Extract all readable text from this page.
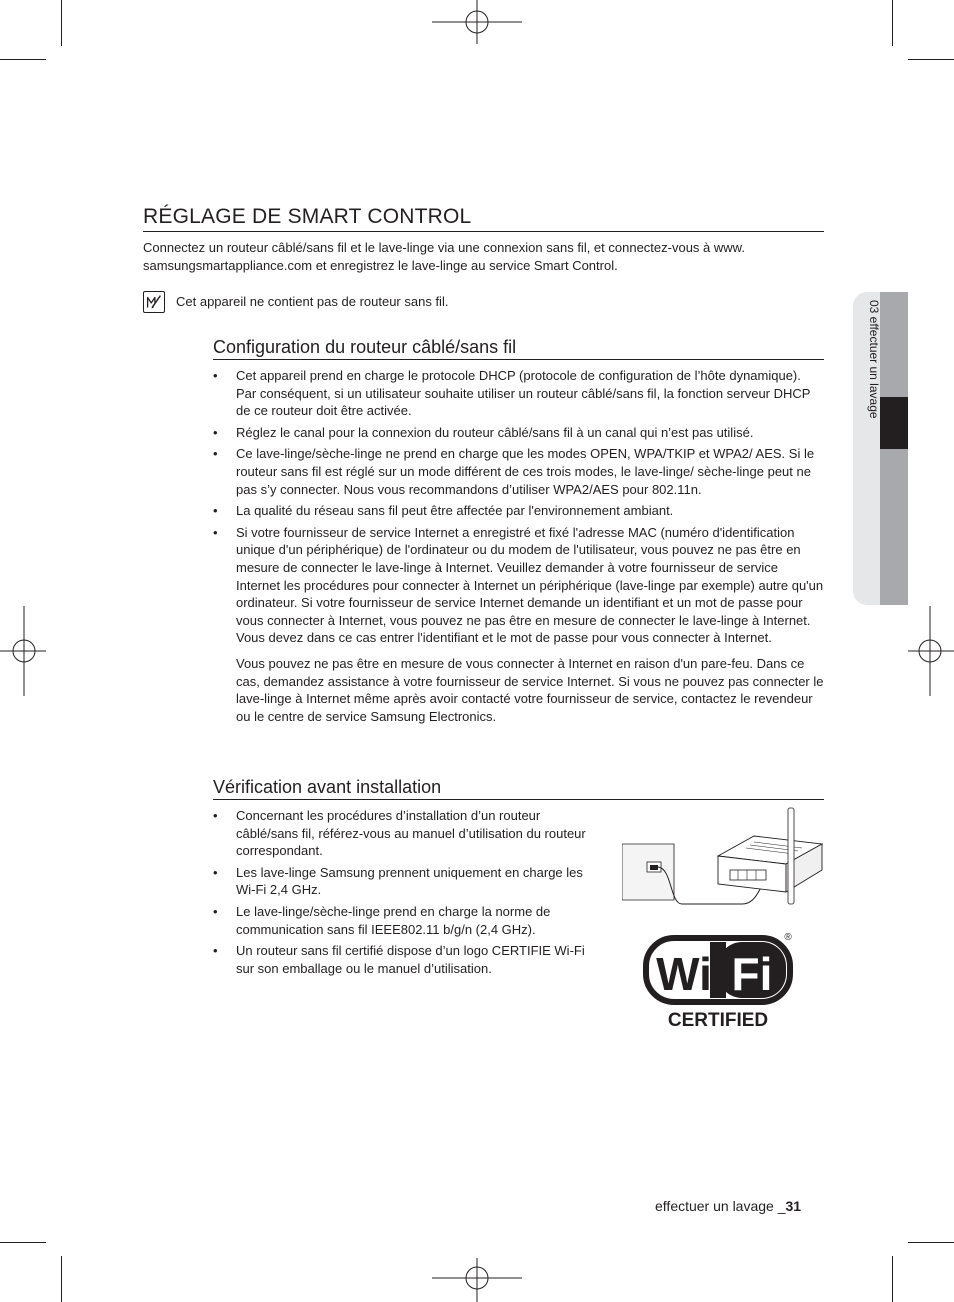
03 effectuer un lavage
RÉGLAGE DE SMART CONTROL

Connectez un routeur câblé/sans fil et le lave-linge via une connexion sans fil, et connectez-vous à www. samsungsmartappliance.com et enregistrez le lave-linge au service Smart Control.

Cet appareil ne contient pas de routeur sans fil.

Configuration du routeur câblé/sans fil
• Cet appareil prend en charge le protocole DHCP (protocole de configuration de l’hôte dynamique). Par conséquent, si un utilisateur souhaite utiliser un routeur câblé/sans fil, la fonction serveur DHCP de ce routeur doit être activée.
• Réglez le canal pour la connexion du routeur câblé/sans fil à un canal qui n’est pas utilisé.
• Ce lave-linge/sèche-linge ne prend en charge que les modes OPEN, WPA/TKIP et WPA2/ AES. Si le routeur sans fil est réglé sur un mode différent de ces trois modes, le lave-linge/ sèche-linge peut ne pas s’y connecter. Nous vous recommandons d’utiliser WPA2/AES pour 802.11n.
• La qualité du réseau sans fil peut être affectée par l'environnement ambiant.
• Si votre fournisseur de service Internet a enregistré et fixé l'adresse MAC (numéro d'identification unique d'un périphérique) de l'ordinateur ou du modem de l'utilisateur, vous pouvez ne pas être en mesure de connecter le lave-linge à Internet. Veuillez demander à votre fournisseur de service Internet les procédures pour connecter à Internet un périphérique (lave-linge par exemple) autre qu'un ordinateur. Si votre fournisseur de service Internet demande un identifiant et un mot de passe pour vous connecter à Internet, vous pouvez ne pas être en mesure de connecter le lave-linge à Internet. Vous devez dans ce cas entrer l'identifiant et le mot de passe pour vous connecter à Internet.

Vous pouvez ne pas être en mesure de vous connecter à Internet en raison d'un pare-feu. Dans ce cas, demandez assistance à votre fournisseur de service Internet. Si vous ne pouvez pas connecter le lave-linge à Internet même après avoir contacté votre fournisseur de service, contactez le revendeur ou le centre de service Samsung Electronics.

Vérification avant installation
• Concernant les procédures d’installation d’un routeur câblé/sans fil, référez-vous au manuel d’utilisation du routeur correspondant.
• Les lave-linge Samsung prennent uniquement en charge les Wi-Fi 2,4 GHz.
• Le lave-linge/sèche-linge prend en charge la norme de communication sans fil IEEE802.11 b/g/n (2,4 GHz).
• Un routeur sans fil certifié dispose d’un logo CERTIFIE Wi-Fi sur son emballage ou le manuel d’utilisation.	Wi Fi
®
CERTIFIED
effectuer un lavage _31
